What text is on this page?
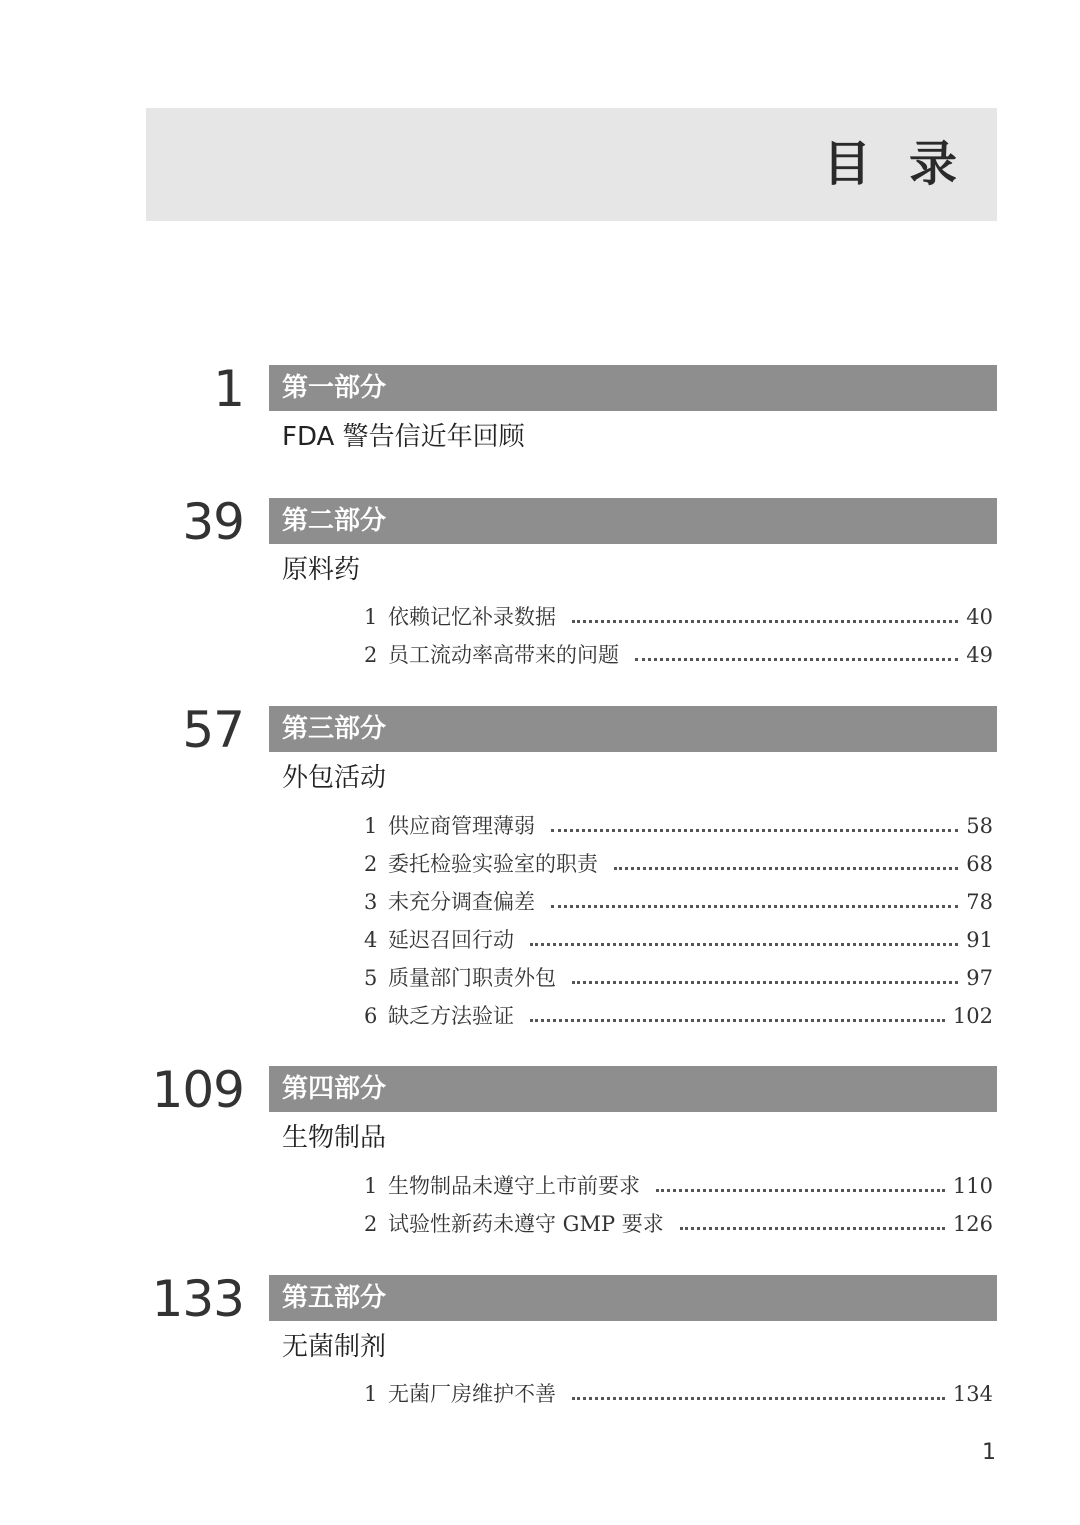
目录
1 第一部分
FDA 警告信近年回顾
39 第二部分
原料药
1 依赖记忆补录数据	40
2 员工流动率高带来的问题	49
57 第三部分
外包活动
1 供应商管理薄弱	58
2 委托检验实验室的职责	68
3 未充分调查偏差	78
4 延迟召回行动	91
5 质量部门职责外包	97
6 缺乏方法验证	102
109 第四部分
生物制品
1 生物制品未遵守上市前要求	110
2 试验性新药未遵守 GMP 要求	126
133 第五部分
无菌制剂
1 无菌厂房维护不善	134
1
